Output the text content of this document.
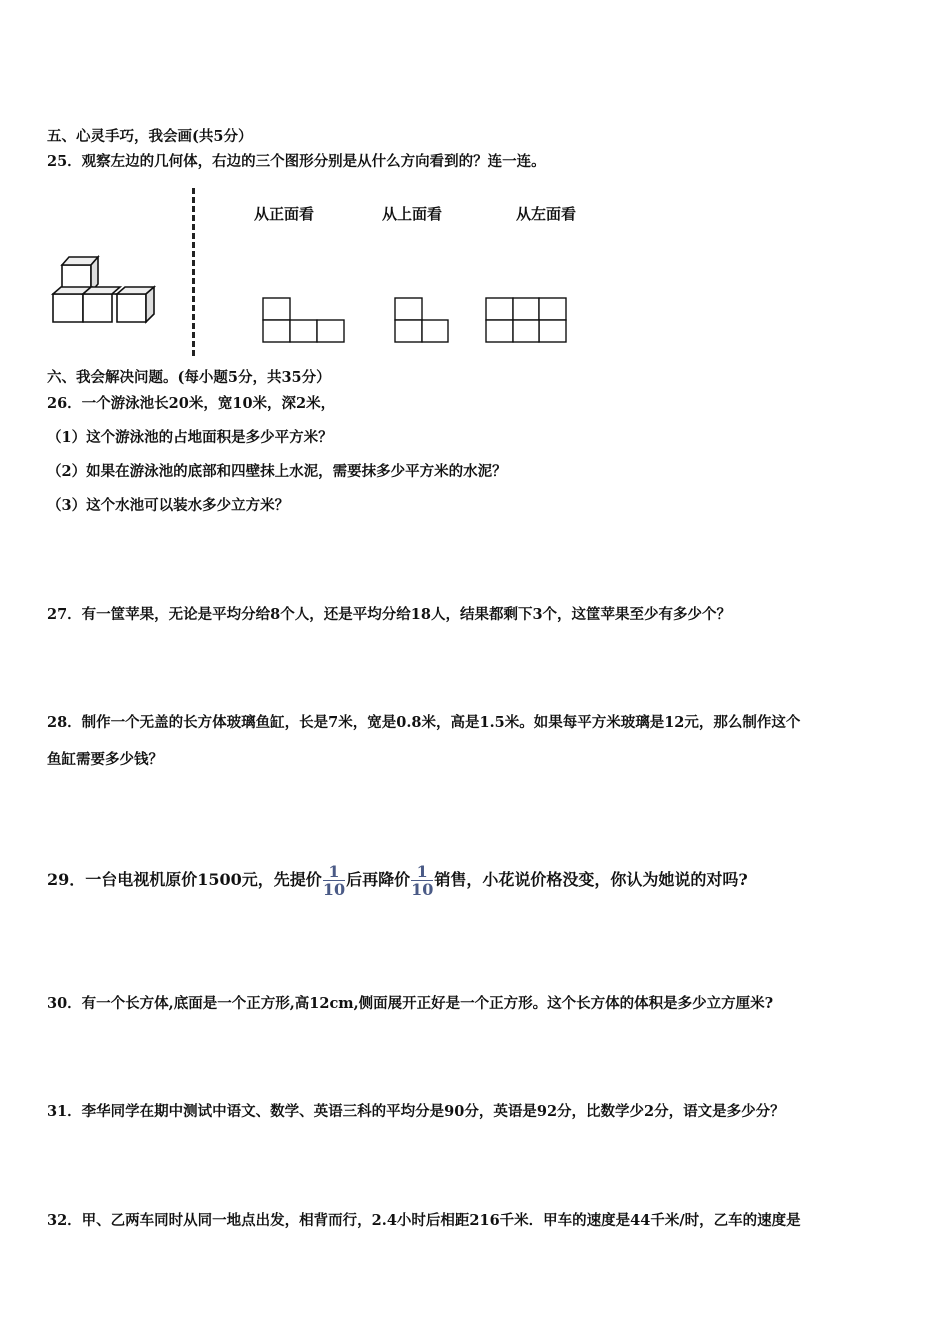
五、心灵手巧，我会画(共5分）
25．观察左边的几何体，右边的三个图形分别是从什么方向看到的？连一连。
从正面看	从上面看	从左面看
六、我会解决问题。(每小题5分，共35分）
26．一个游泳池长20米，宽10米，深2米，
（1）这个游泳池的占地面积是多少平方米？
（2）如果在游泳池的底部和四壁抹上水泥，需要抹多少平方米的水泥？
（3）这个水池可以装水多少立方米？
27．有一筐苹果，无论是平均分给8个人，还是平均分给18人，结果都剩下3个，这筐苹果至少有多少个？
28．制作一个无盖的长方体玻璃鱼缸，长是7米，宽是0.8米，高是1.5米。如果每平方米玻璃是12元，那么制作这个
鱼缸需要多少钱？
29．一台电视机原价1500元，先提价 $\frac{1}{10}$ 后再降价 $\frac{1}{10}$ 销售，小花说价格没变，你认为她说的对吗?
30．有一个长方体,底面是一个正方形,高12cm,侧面展开正好是一个正方形。这个长方体的体积是多少立方厘米?
31．李华同学在期中测试中语文、数学、英语三科的平均分是90分，英语是92分，比数学少2分，语文是多少分？
32．甲、乙两车同时从同一地点出发，相背而行，2.4小时后相距216千米．甲车的速度是44千米/时，乙车的速度是
